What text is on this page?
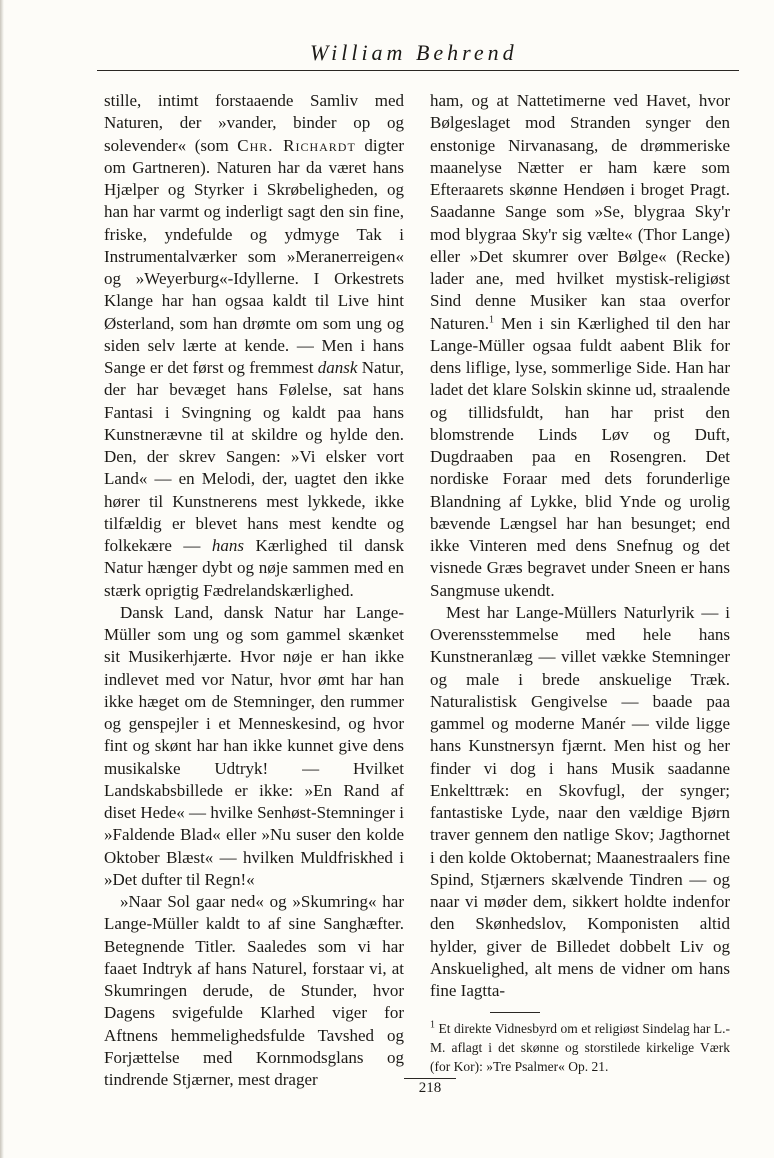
William Behrend

stille, intimt forstaaende Samliv med Naturen, der »vander, binder op og solevender« (som Chr. Richardt digter om Gartneren). Naturen har da været hans Hjælper og Styrker i Skrøbeligheden, og han har varmt og inderligt sagt den sin fine, friske, yndefulde og ydmyge Tak i Instrumentalværker som »Meranerreigen« og »Weyerburg«-Idyllerne. I Orkestrets Klange har han ogsaa kaldt til Live hint Østerland, som han drømte om som ung og siden selv lærte at kende. — Men i hans Sange er det først og fremmest dansk Natur, der har bevæget hans Følelse, sat hans Fantasi i Svingning og kaldt paa hans Kunstnerævne til at skildre og hylde den. Den, der skrev Sangen: »Vi elsker vort Land« — en Melodi, der, uagtet den ikke hører til Kunstnerens mest lykkede, ikke tilfældig er blevet hans mest kendte og folkekære — hans Kærlighed til dansk Natur hænger dybt og nøje sammen med en stærk oprigtig Fædrelandskærlighed.

Dansk Land, dansk Natur har Lange-Müller som ung og som gammel skænket sit Musikerhjærte. Hvor nøje er han ikke indlevet med vor Natur, hvor ømt har han ikke hæget om de Stemninger, den rummer og genspejler i et Menneskesind, og hvor fint og skønt har han ikke kunnet give dens musikalske Udtryk! — Hvilket Landskabsbillede er ikke: »En Rand af diset Hede« — hvilke Senhøst-Stemninger i »Faldende Blad« eller »Nu suser den kolde Oktober Blæst« — hvilken Muldfriskhed i »Det dufter til Regn!«

»Naar Sol gaar ned« og »Skumring« har Lange-Müller kaldt to af sine Sanghæfter. Betegnende Titler. Saaledes som vi har faaet Indtryk af hans Naturel, forstaar vi, at Skumringen derude, de Stunder, hvor Dagens svigefulde Klarhed viger for Aftnens hemmelighedsfulde Tavshed og Forjættelse med Kornmodsglans og tindrende Stjærner, mest drager

ham, og at Nattetimerne ved Havet, hvor Bølgeslaget mod Stranden synger den enstonige Nirvanasang, de drømmeriske maanelyse Nætter er ham kære som Efteraarets skønne Hendøen i broget Pragt. Saadanne Sange som »Se, blygraa Sky'r mod blygraa Sky'r sig vælte« (Thor Lange) eller »Det skumrer over Bølge« (Recke) lader ane, med hvilket mystisk-religiøst Sind denne Musiker kan staa overfor Naturen.$^1$ Men i sin Kærlighed til den har Lange-Müller ogsaa fuldt aabent Blik for dens liflige, lyse, sommerlige Side. Han har ladet det klare Solskin skinne ud, straalende og tillidsfuldt, han har prist den blomstrende Linds Løv og Duft, Dugdraaben paa en Rosengren. Det nordiske Foraar med dets forunderlige Blandning af Lykke, blid Ynde og urolig bævende Længsel har han besunget; end ikke Vinteren med dens Snefnug og det visnede Græs begravet under Sneen er hans Sangmuse ukendt.

Mest har Lange-Müllers Naturlyrik — i Overensstemmelse med hele hans Kunstneranlæg — villet vække Stemninger og male i brede anskuelige Træk. Naturalistisk Gengivelse — baade paa gammel og moderne Manér — vilde ligge hans Kunstnersyn fjærnt. Men hist og her finder vi dog i hans Musik saadanne Enkelttræk: en Skovfugl, der synger; fantastiske Lyde, naar den vældige Bjørn traver gennem den natlige Skov; Jagthornet i den kolde Oktobernat; Maanestraalers fine Spind, Stjærners skælvende Tindren — og naar vi møder dem, sikkert holdte indenfor den Skønhedslov, Komponisten altid hylder, giver de Billedet dobbelt Liv og Anskuelighed, alt mens de vidner om hans fine Iagtta-

$^1$ Et direkte Vidnesbyrd om et religiøst Sindelag har L.-M. aflagt i det skønne og storstilede kirkelige Værk (for Kor): »Tre Psalmer« Op. 21.

218
